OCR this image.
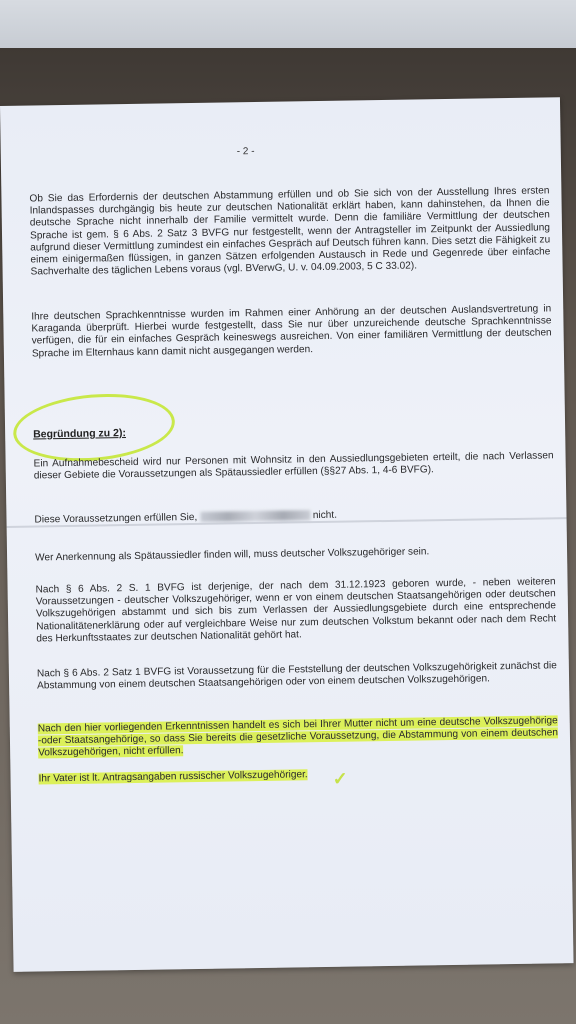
- 2 -

Ob Sie das Erfordernis der deutschen Abstammung erfüllen und ob Sie sich von der Ausstellung Ihres ersten Inlandspasses durchgängig bis heute zur deutschen Nationalität erklärt haben, kann dahinstehen, da Ihnen die deutsche Sprache nicht innerhalb der Familie vermittelt wurde. Denn die familiäre Vermittlung der deutschen Sprache ist gem. § 6 Abs. 2 Satz 3 BVFG nur festgestellt, wenn der Antragsteller im Zeitpunkt der Aussiedlung aufgrund dieser Vermittlung zumindest ein einfaches Gespräch auf Deutsch führen kann. Dies setzt die Fähigkeit zu einem einigermaßen flüssigen, in ganzen Sätzen erfolgenden Austausch in Rede und Gegenrede über einfache Sachverhalte des täglichen Lebens voraus (vgl. BVerwG, U. v. 04.09.2003, 5 C 33.02).

Ihre deutschen Sprachkenntnisse wurden im Rahmen einer Anhörung an der deutschen Auslandsvertretung in Karaganda überprüft. Hierbei wurde festgestellt, dass Sie nur über unzureichende deutsche Sprachkenntnisse verfügen, die für ein einfaches Gespräch keineswegs ausreichen. Von einer familiären Vermittlung der deutschen Sprache im Elternhaus kann damit nicht ausgegangen werden.

Begründung zu 2):

Ein Aufnahmebescheid wird nur Personen mit Wohnsitz in den Aussiedlungsgebieten erteilt, die nach Verlassen dieser Gebiete die Voraussetzungen als Spätaussiedler erfüllen (§§27 Abs. 1, 4-6 BVFG).

Diese Voraussetzungen erfüllen Sie,	nicht.

Wer Anerkennung als Spätaussiedler finden will, muss deutscher Volkszugehöriger sein.

Nach § 6 Abs. 2 S. 1 BVFG ist derjenige, der nach dem 31.12.1923 geboren wurde, - neben weiteren Voraussetzungen - deutscher Volkszugehöriger, wenn er von einem deutschen Staatsangehörigen oder deutschen Volkszugehörigen abstammt und sich bis zum Verlassen der Aussiedlungsgebiete durch eine entsprechende Nationalitätenerklärung oder auf vergleichbare Weise nur zum deutschen Volkstum bekannt oder nach dem Recht des Herkunftsstaates zur deutschen Nationalität gehört hat.

Nach § 6 Abs. 2 Satz 1 BVFG ist Voraussetzung für die Feststellung der deutschen Volkszugehörigkeit zunächst die Abstammung von einem deutschen Staatsangehörigen oder von einem deutschen Volkszugehörigen.

Nach den hier vorliegenden Erkenntnissen handelt es sich bei Ihrer Mutter nicht um eine deutsche Volkszugehörige -oder Staatsangehörige, so dass Sie bereits die gesetzliche Voraussetzung, die Abstammung von einem deutschen Volkszugehörigen, nicht erfüllen.

Ihr Vater ist lt. Antragsangaben russischer Volkszugehöriger.	✓
